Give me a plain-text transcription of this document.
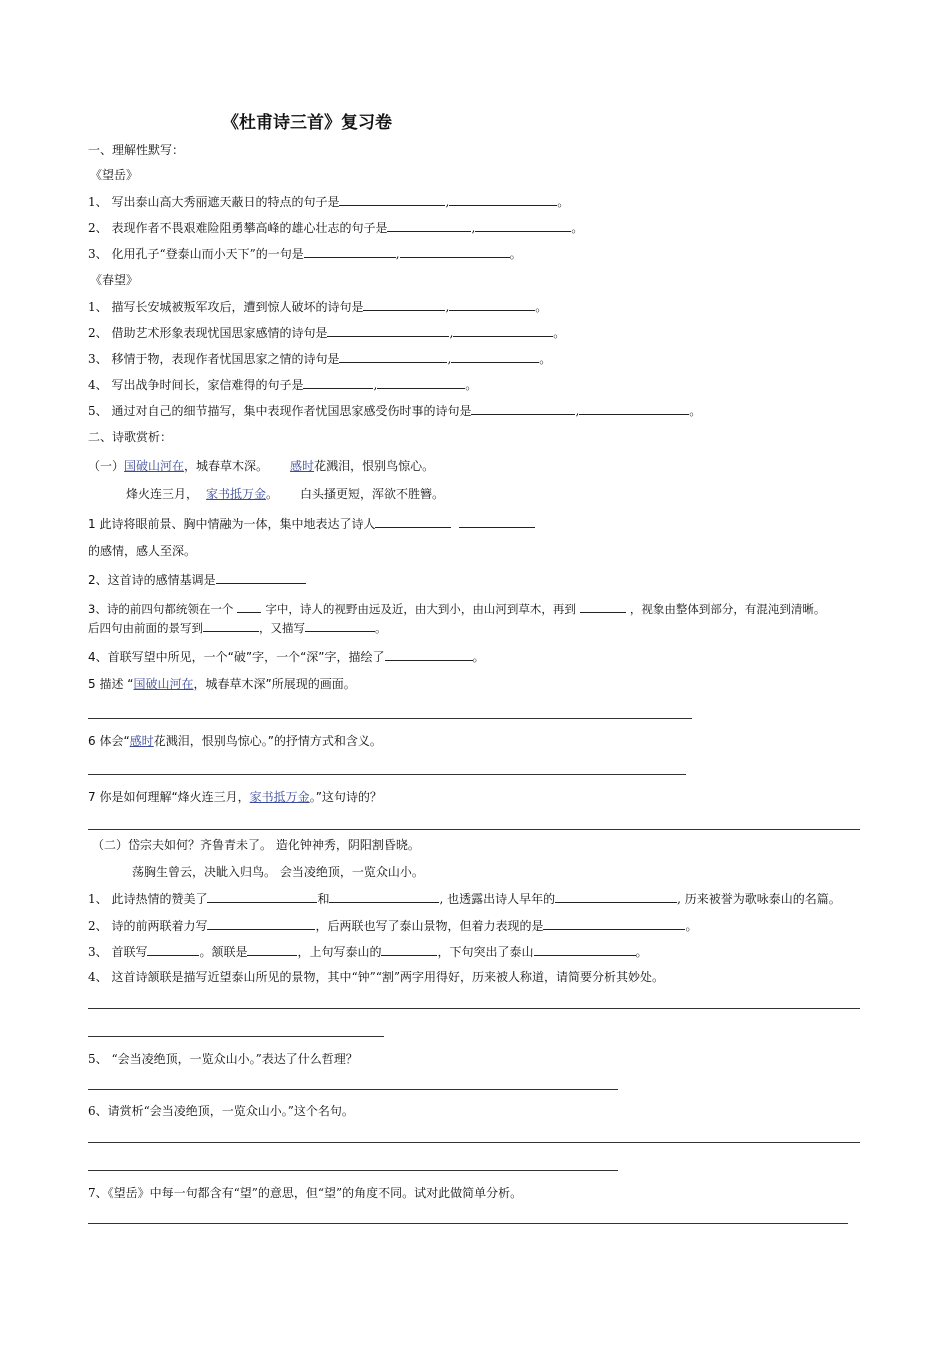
《杜甫诗三首》复习卷
一、理解性默写：
《望岳》
1、 写出泰山高大秀丽遮天蔽日的特点的句子是	,	。
2、 表现作者不畏艰难险阻勇攀高峰的雄心壮志的句子是	,	。
3、 化用孔子“登泰山而小天下”的一句是	,	。
《春望》
1、 描写长安城被叛军攻后，遭到惊人破坏的诗句是	,	。
2、 借助艺术形象表现忧国思家感情的诗句是	,	。
3、 移情于物，表现作者忧国思家之情的诗句是	,	。
4、 写出战争时间长，家信难得的句子是	,	。
5、 通过对自己的细节描写，集中表现作者忧国思家感受伤时事的诗句是	,	。
二、诗歌赏析：
（一）国破山河在，城春草木深。 感时花溅泪，恨别鸟惊心。
烽火连三月， 家书抵万金。 白头搔更短，浑欲不胜簪。
1 此诗将眼前景、胸中情融为一体，集中地表达了诗人
的感情，感人至深。
2、这首诗的感情基调是
3、诗的前四句都统领在一个	字中，诗人的视野由远及近，由大到小，由山河到草木，再到	，视象由整体到部分，有混沌到清晰。
后四句由前面的景写到	，又描写	。
4、首联写望中所见，一个“破”字，一个“深”字，描绘了	。
5 描述 “国破山河在，城春草木深”所展现的画面。
6 体会“感时花溅泪，恨别鸟惊心。”的抒情方式和含义。
7 你是如何理解“烽火连三月，家书抵万金。”这句诗的？
（二）岱宗夫如何？齐鲁青未了。 造化钟神秀，阴阳割昏晓。
荡胸生曾云，决眦入归鸟。 会当凌绝顶，一览众山小。
1、 此诗热情的赞美了	和	, 也透露出诗人早年的	, 历来被誉为歌咏泰山的名篇。
2、 诗的前两联着力写	，后两联也写了泰山景物，但着力表现的是	。
3、 首联写	。颔联是	，上句写泰山的	，下句突出了泰山	。
4、 这首诗颔联是描写近望泰山所见的景物，其中“钟”“割”两字用得好，历来被人称道，请简要分析其妙处。
5、 “会当凌绝顶，一览众山小。”表达了什么哲理？
6、请赏析“会当凌绝顶，一览众山小。”这个名句。
7、《望岳》中每一句都含有“望”的意思，但“望”的角度不同。试对此做简单分析。
